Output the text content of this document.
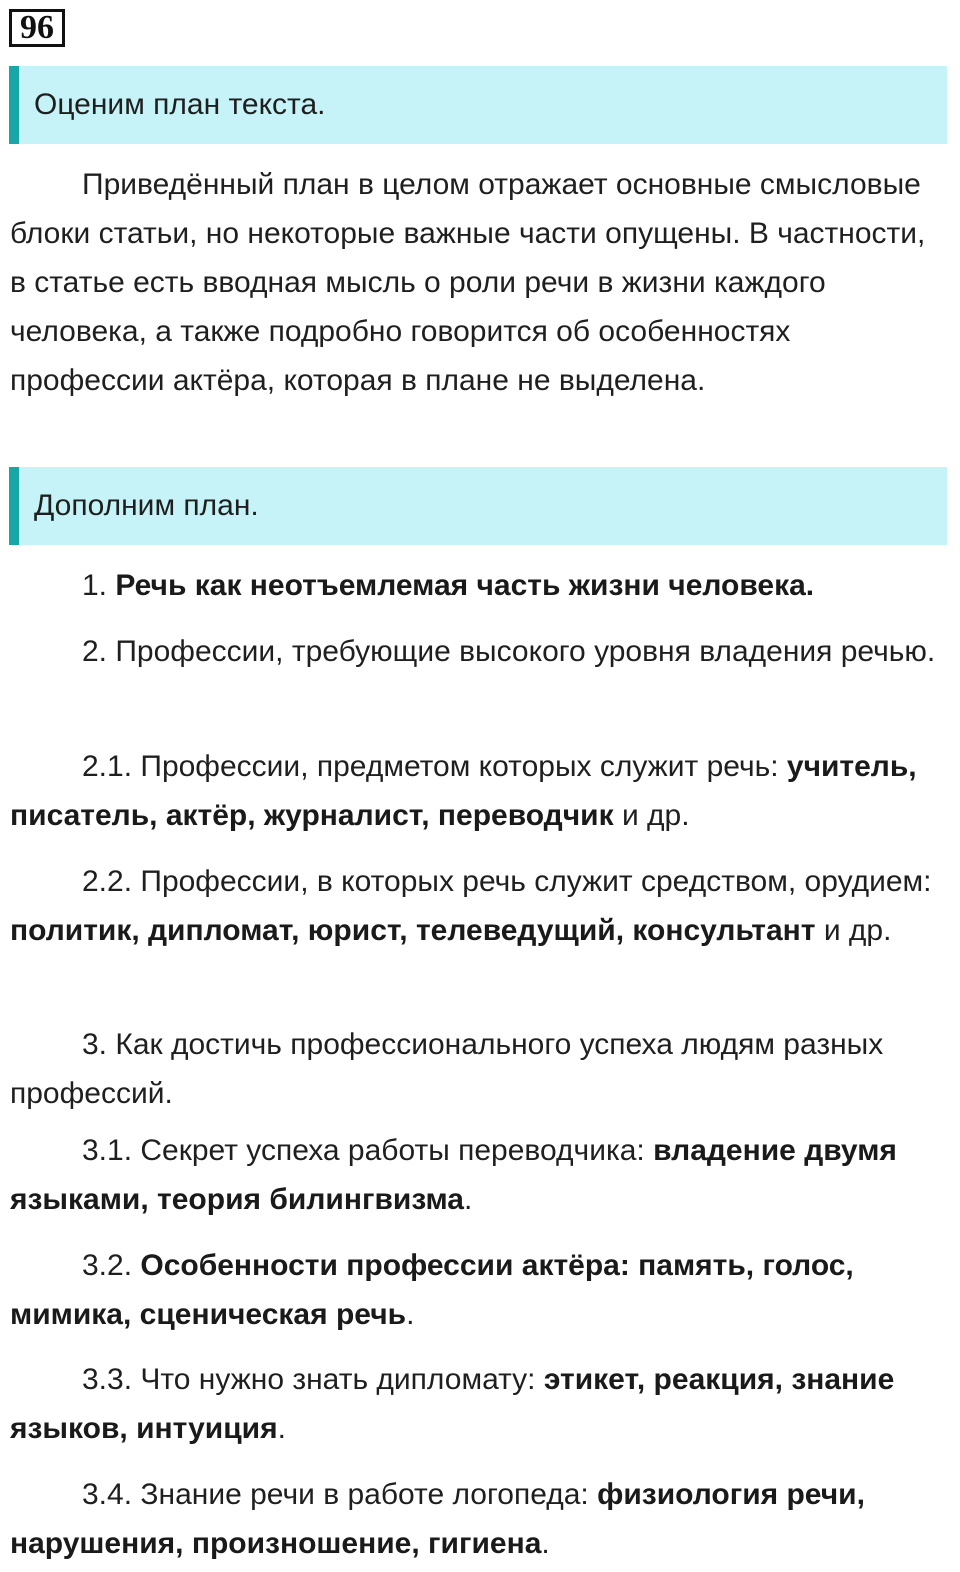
96
Оценим план текста.

Приведённый план в целом отражает основные смысловые блоки статьи, но некоторые важные части опущены. В частности, в статье есть вводная мысль о роли речи в жизни каждого человека, а также подробно говорится об особенностях профессии актёра, которая в плане не выделена.

Дополним план.

1. Речь как неотъемлемая часть жизни человека.

2. Профессии, требующие высокого уровня владения речью.

2.1. Профессии, предметом которых служит речь: учитель, писатель, актёр, журналист, переводчик и др.

2.2. Профессии, в которых речь служит средством, орудием: политик, дипломат, юрист, телеведущий, консультант и др.

3. Как достичь профессионального успеха людям разных профессий.

3.1. Секрет успеха работы переводчика: владение двумя языками, теория билингвизма.

3.2. Особенности профессии актёра: память, голос, мимика, сценическая речь.

3.3. Что нужно знать дипломату: этикет, реакция, знание языков, интуиция.

3.4. Знание речи в работе логопеда: физиология речи, нарушения, произношение, гигиена.
